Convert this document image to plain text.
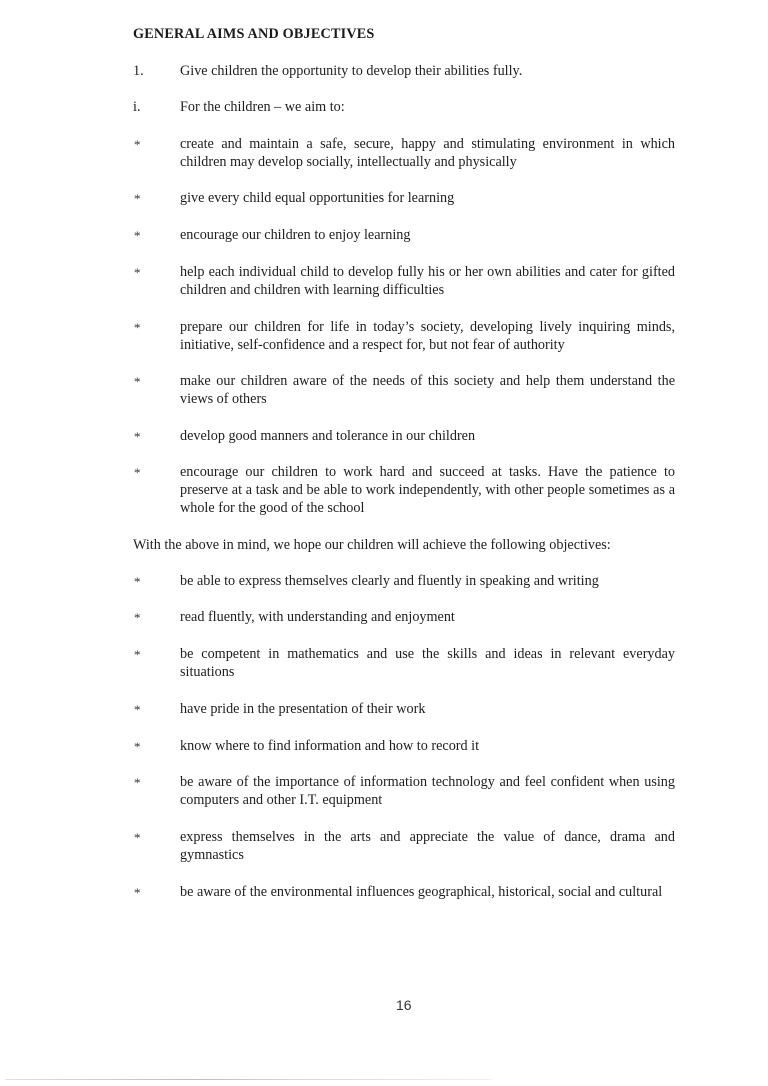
GENERAL AIMS AND OBJECTIVES
1.	Give children the opportunity to develop their abilities fully.
i.	For the children – we aim to:
*	create and maintain a safe, secure, happy and stimulating environment in which children may develop socially, intellectually and physically
*	give every child equal opportunities for learning
*	encourage our children to enjoy learning
*	help each individual child to develop fully his or her own abilities and cater for gifted children and children with learning difficulties
*	prepare our children for life in today’s society, developing lively inquiring minds, initiative, self-confidence and a respect for, but not fear of authority
*	make our children aware of the needs of this society and help them understand the views of others
*	develop good manners and tolerance in our children
*	encourage our children to work hard and succeed at tasks. Have the patience to preserve at a task and be able to work independently, with other people sometimes as a whole for the good of the school
With the above in mind, we hope our children will achieve the following objectives:
*	be able to express themselves clearly and fluently in speaking and writing
*	read fluently, with understanding and enjoyment
*	be competent in mathematics and use the skills and ideas in relevant everyday situations
*	have pride in the presentation of their work
*	know where to find information and how to record it
*	be aware of the importance of information technology and feel confident when using computers and other I.T. equipment
*	express themselves in the arts and appreciate the value of dance, drama and gymnastics
*	be aware of the environmental influences geographical, historical, social and cultural
16
